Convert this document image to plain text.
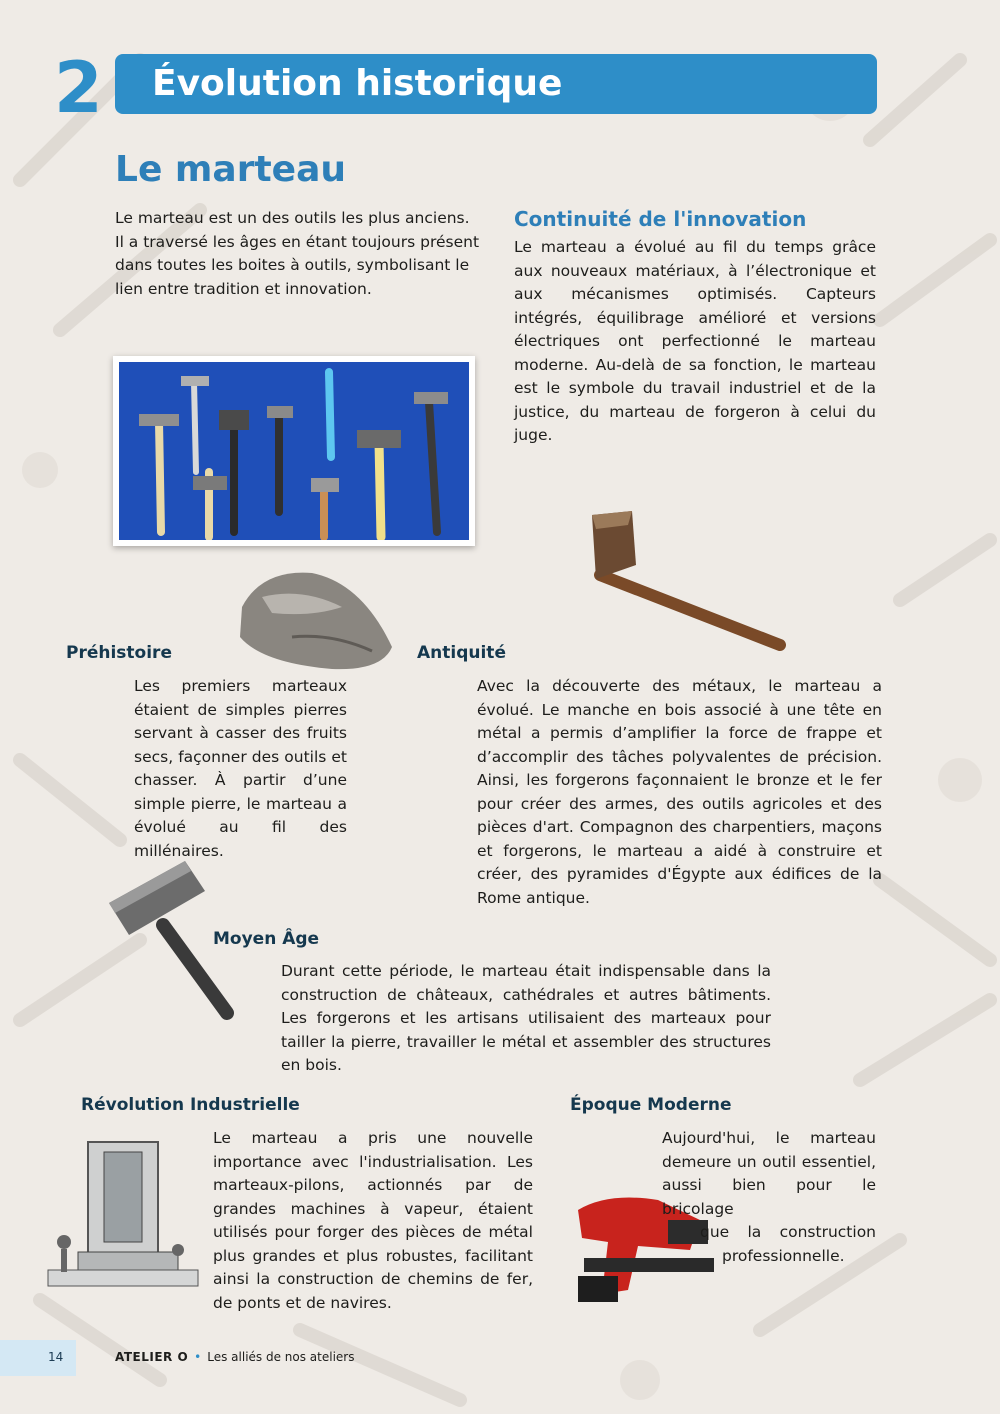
2 Évolution historique
Le marteau
Le marteau est un des outils les plus anciens. Il a traversé les âges en étant toujours présent dans toutes les boites à outils, symbolisant le lien entre tradition et innovation.
Continuité de l'innovation
Le marteau a évolué au fil du temps grâce aux nouveaux matériaux, à l’électronique et aux mécanismes optimisés. Capteurs intégrés, équilibrage amélioré et versions électriques ont perfectionné le marteau moderne. Au-delà de sa fonction, le marteau est le symbole du travail industriel et de la justice, du marteau de forgeron à celui du juge.
Préhistoire
Les premiers marteaux étaient de simples pierres servant à casser des fruits secs, façonner des outils et chasser. À partir d’une simple pierre, le marteau a évolué au fil des millénaires.
Antiquité
Avec la découverte des métaux, le marteau a évolué. Le manche en bois associé à une tête en métal a permis d’amplifier la force de frappe et d’accomplir des tâches polyvalentes de précision. Ainsi, les forgerons façonnaient le bronze et le fer pour créer des armes, des outils agricoles et des pièces d'art. Compagnon des charpentiers, maçons et forgerons, le marteau a aidé à construire et créer, des pyramides d'Égypte aux édifices de la Rome antique.
Moyen Âge
Durant cette période, le marteau était indispensable dans la construction de châteaux, cathédrales et autres bâtiments. Les forgerons et les artisans utilisaient des marteaux pour tailler la pierre, travailler le métal et assembler des structures en bois.
Révolution Industrielle
Le marteau a pris une nouvelle importance avec l'industrialisation. Les marteaux-pilons, actionnés par de grandes machines à vapeur, étaient utilisés pour forger des pièces de métal plus grandes et plus robustes, facilitant ainsi la construction de chemins de fer, de ponts et de navires.
Époque Moderne
Aujourd'hui, le marteau
demeure un outil essentiel,
aussi bien pour le bricolage
que la construction
professionnelle.
14	ATELIER O • Les alliés de nos ateliers
